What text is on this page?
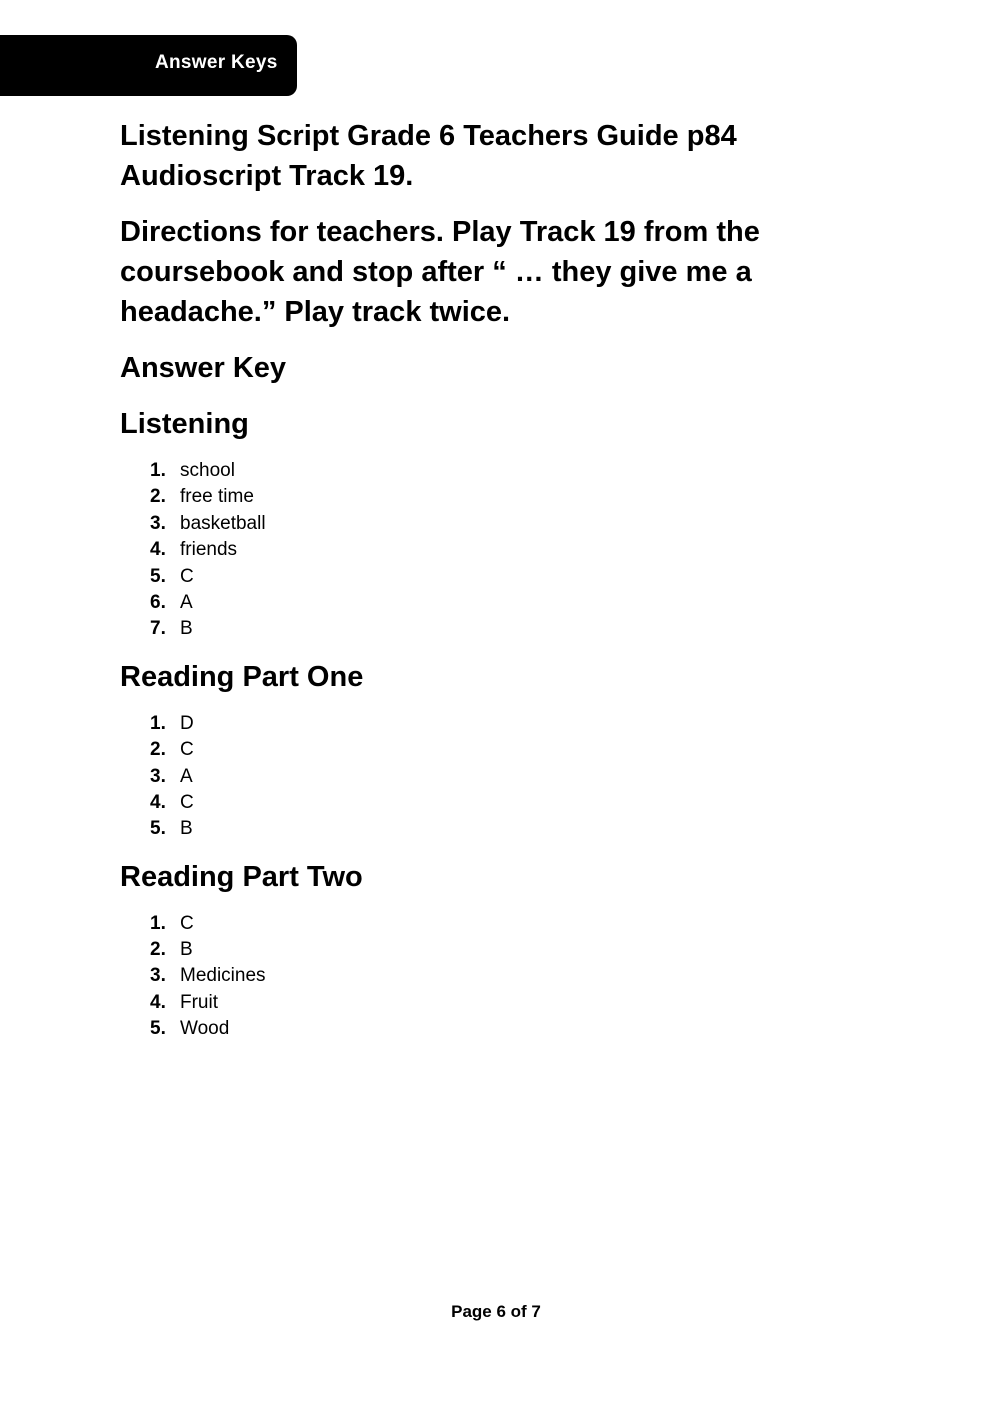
Answer Keys
Listening Script Grade 6 Teachers Guide p84
Audioscript Track 19.

Directions for teachers. Play Track 19 from the
coursebook and stop after “ … they give me a
headache.” Play track twice.

Answer Key
Listening
1. school
2. free time
3. basketball
4. friends
5. C
6. A
7. B
Reading Part One
1. D
2. C
3. A
4. C
5. B
Reading Part Two
1. C
2. B
3. Medicines
4. Fruit
5. Wood
Page 6 of 7
